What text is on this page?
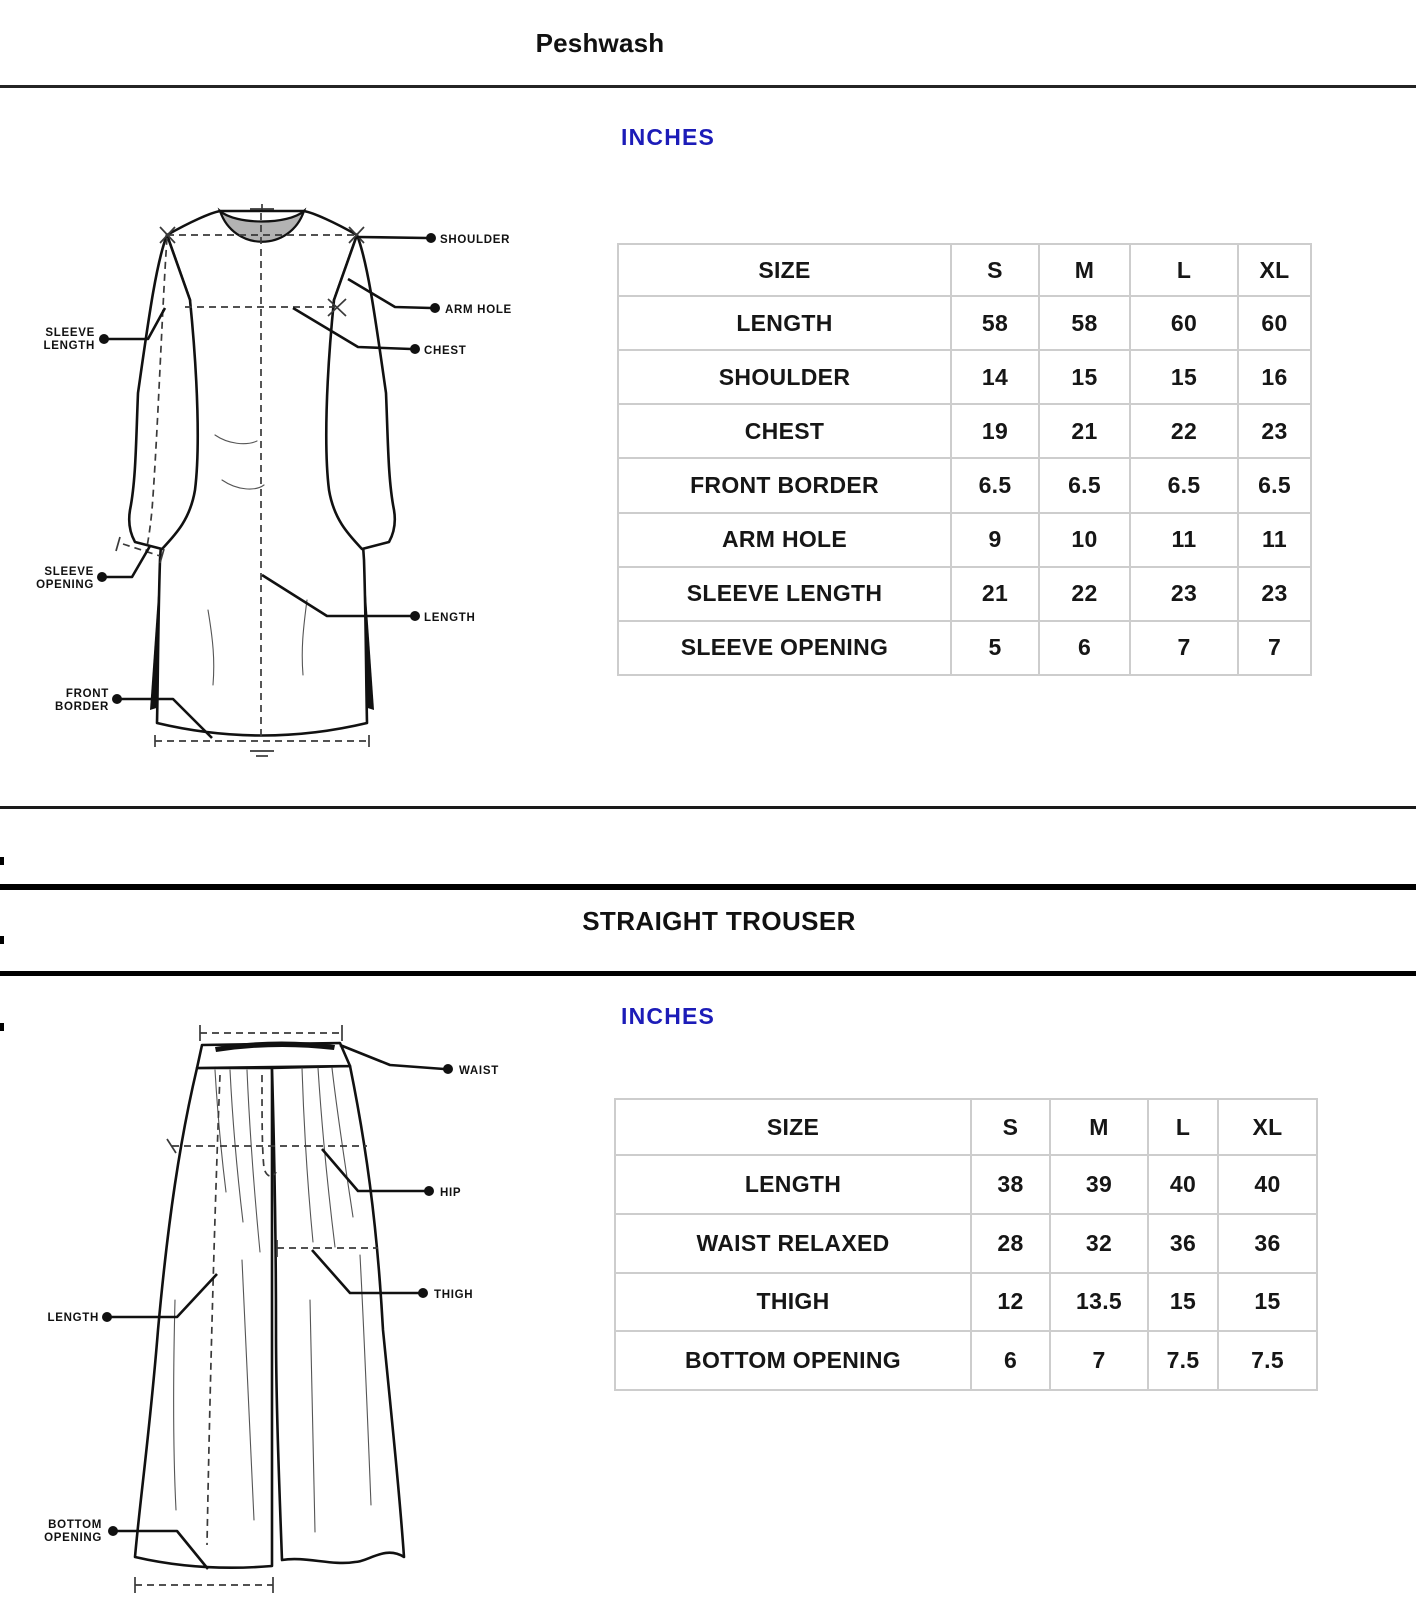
Peshwash
INCHES
SHOULDER
ARM HOLE
CHEST
SLEEVE
LENGTH
SLEEVE
OPENING
LENGTH
FRONT
BORDER
SIZE	S	M	L	XL
LENGTH	58	58	60	60
SHOULDER	14	15	15	16
CHEST	19	21	22	23
FRONT BORDER	6.5	6.5	6.5	6.5
ARM HOLE	9	10	11	11
SLEEVE LENGTH	21	22	23	23
SLEEVE OPENING	5	6	7	7
STRAIGHT TROUSER
INCHES
WAIST
HIP
THIGH
LENGTH
BOTTOM
OPENING
SIZE	S	M	L	XL
LENGTH	38	39	40	40
WAIST RELAXED	28	32	36	36
THIGH	12	13.5	15	15
BOTTOM OPENING	6	7	7.5	7.5
